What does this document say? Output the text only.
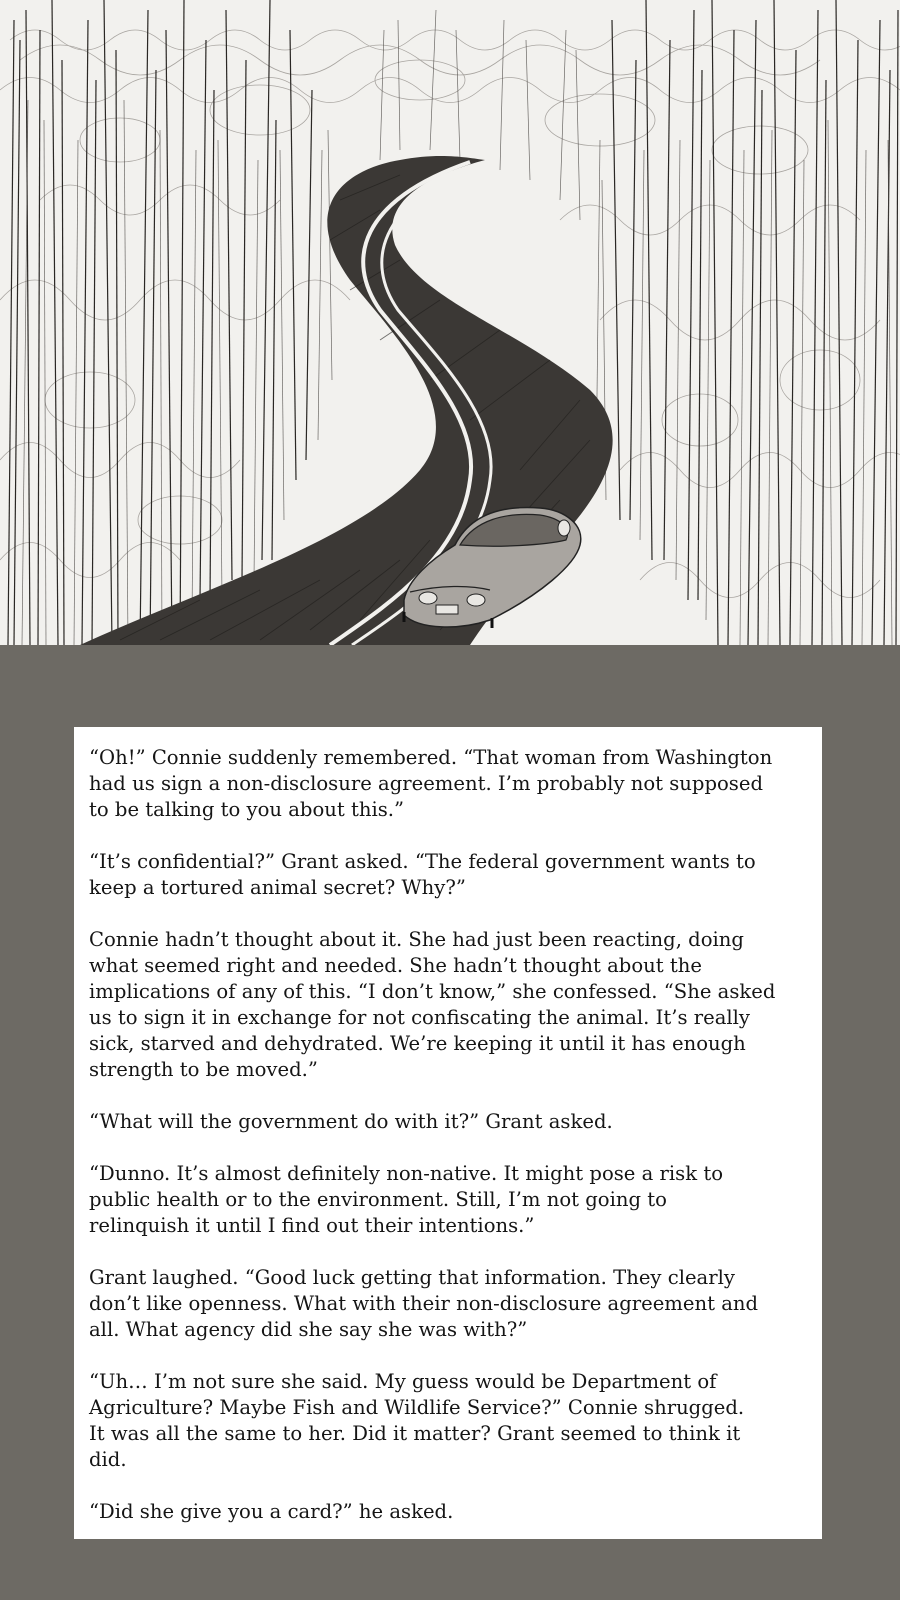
“Oh!” Connie suddenly remembered. “That woman from Washington
had us sign a non-disclosure agreement. I’m probably not supposed
to be talking to you about this.”

“It’s confidential?” Grant asked. “The federal government wants to
keep a tortured animal secret? Why?”

Connie hadn’t thought about it. She had just been reacting, doing
what seemed right and needed. She hadn’t thought about the
implications of any of this. “I don’t know,” she confessed. “She asked
us to sign it in exchange for not confiscating the animal. It’s really
sick, starved and dehydrated. We’re keeping it until it has enough
strength to be moved.”

“What will the government do with it?” Grant asked.

“Dunno. It’s almost definitely non-native. It might pose a risk to
public health or to the environment. Still, I’m not going to
relinquish it until I find out their intentions.”

Grant laughed. “Good luck getting that information. They clearly
don’t like openness. What with their non-disclosure agreement and
all. What agency did she say she was with?”

“Uh… I’m not sure she said. My guess would be Department of
Agriculture? Maybe Fish and Wildlife Service?” Connie shrugged.
It was all the same to her. Did it matter? Grant seemed to think it
did.

“Did she give you a card?” he asked.
